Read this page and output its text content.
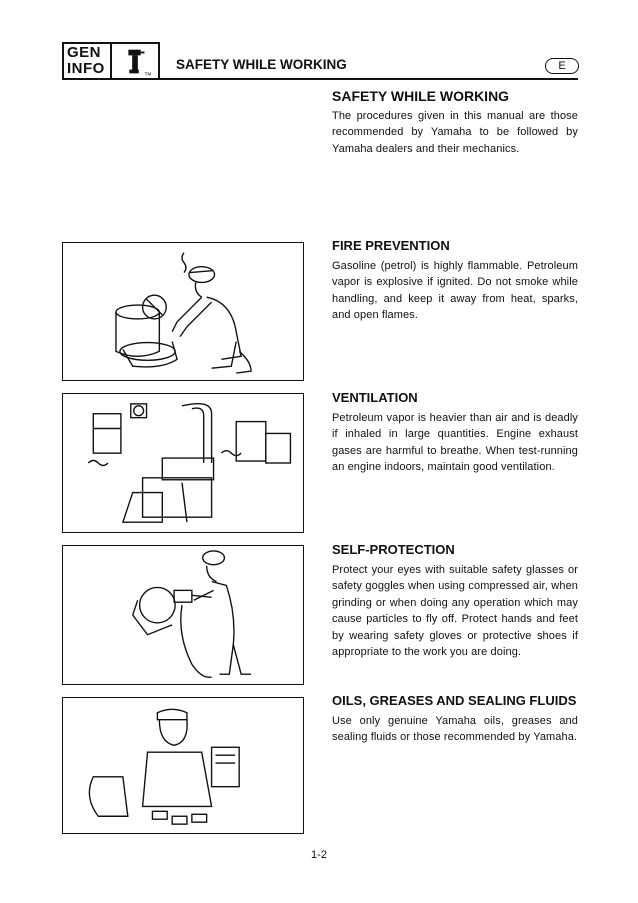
GEN
INFO	TM
SAFETY WHILE WORKING	E
SAFETY WHILE WORKING

The procedures given in this manual are those recommended by Yamaha to be followed by Yamaha dealers and their mechanics.

FIRE PREVENTION

Gasoline (petrol) is highly flammable. Petroleum vapor is explosive if ignited. Do not smoke while handling, and keep it away from heat, sparks, and open flames.

VENTILATION

Petroleum vapor is heavier than air and is deadly if inhaled in large quantities. Engine exhaust gases are harmful to breathe. When test-running an engine indoors, maintain good ventilation.

SELF-PROTECTION

Protect your eyes with suitable safety glasses or safety goggles when using compressed air, when grinding or when doing any operation which may cause particles to fly off. Protect hands and feet by wearing safety gloves or protective shoes if appropriate to the work you are doing.

OILS, GREASES AND SEALING FLUIDS

Use only genuine Yamaha oils, greases and sealing fluids or those recommended by Yamaha.

1-2
